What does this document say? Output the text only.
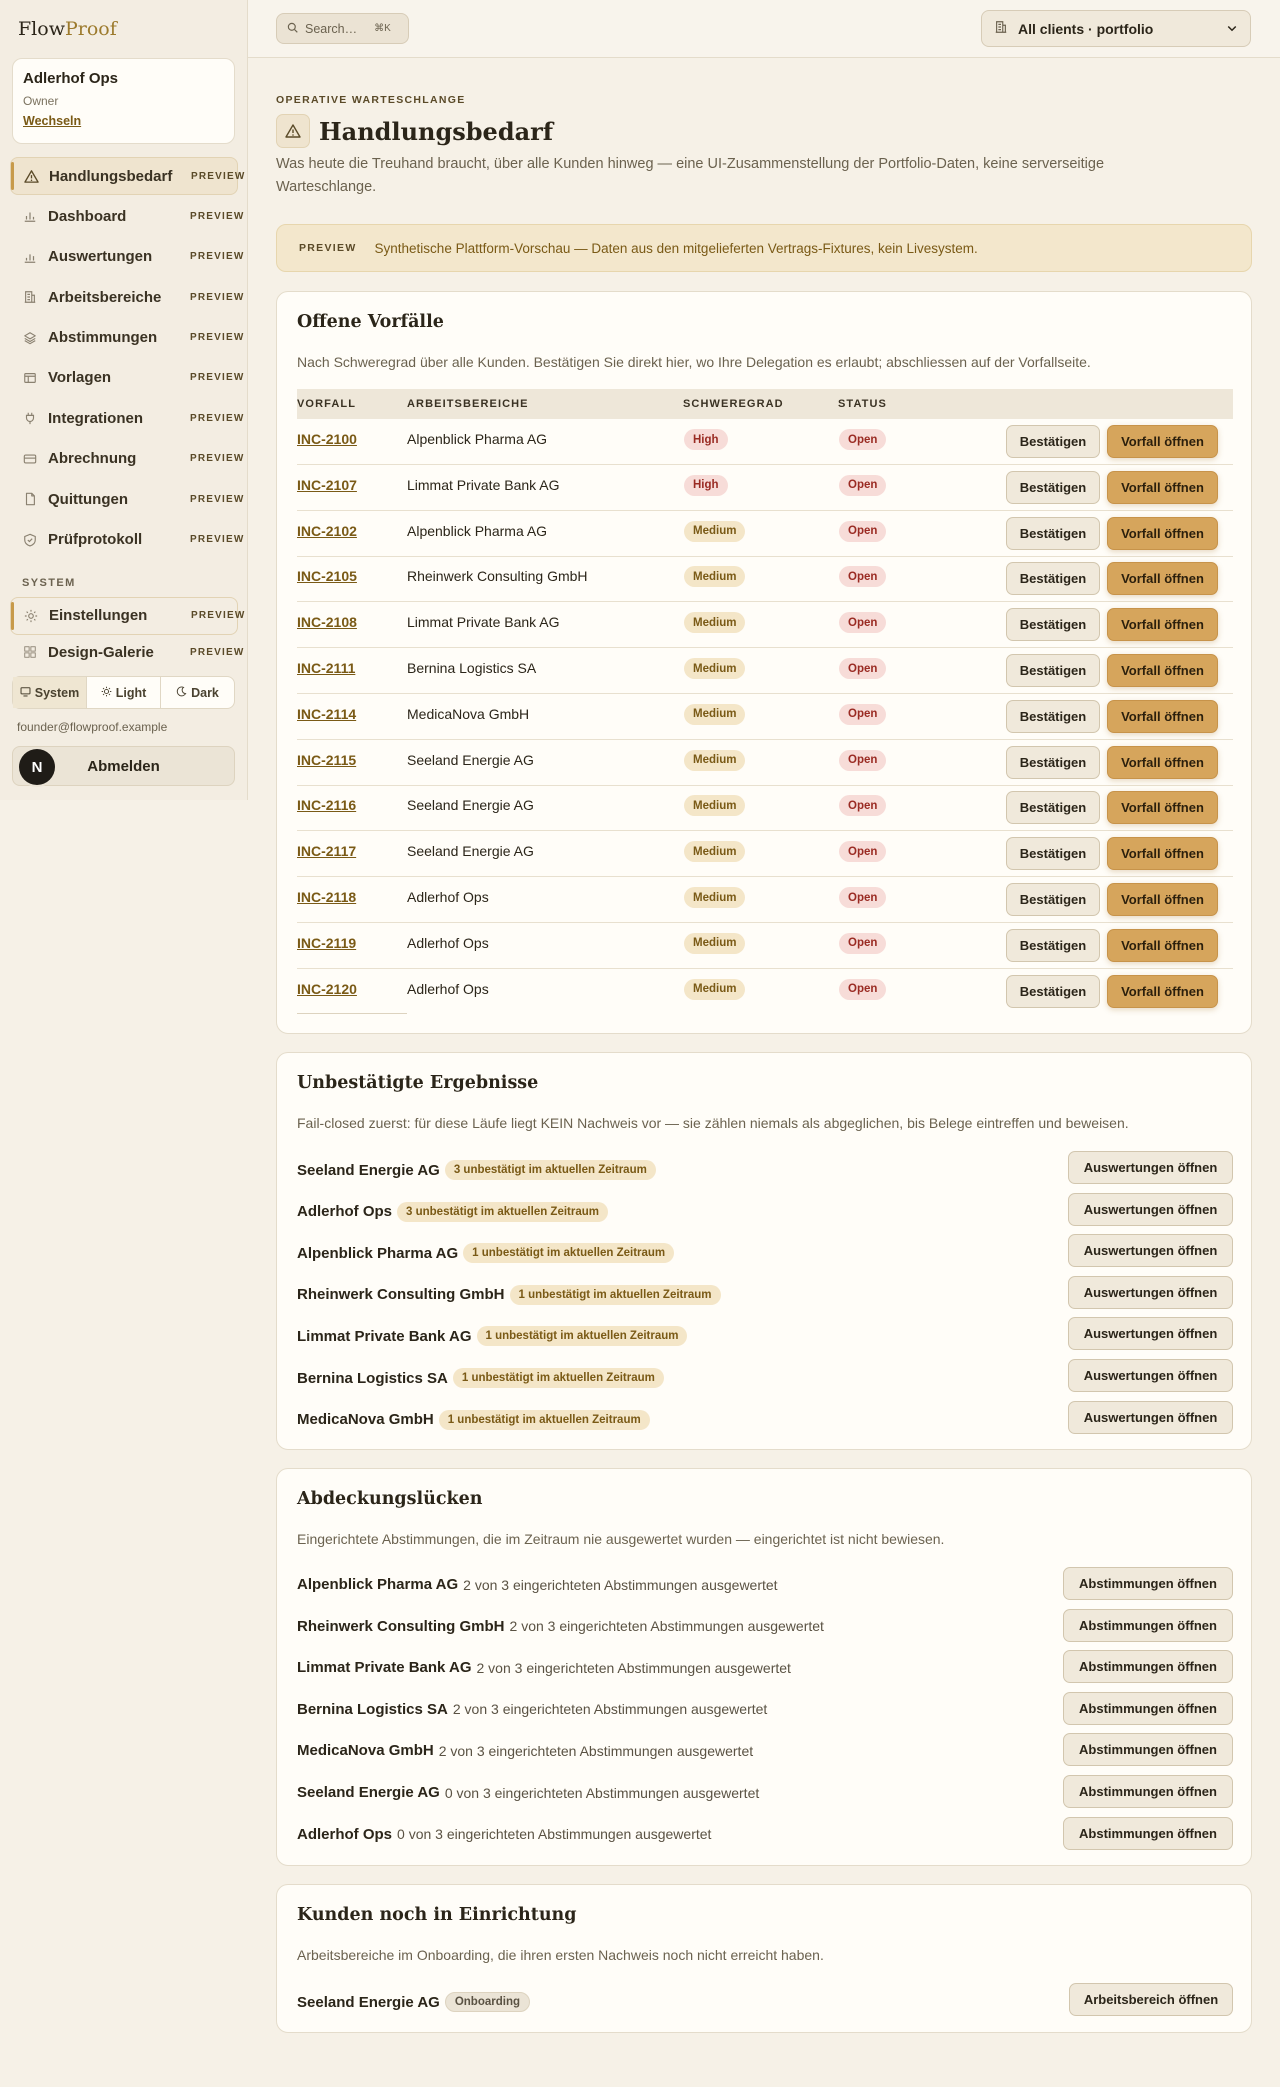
FlowProof
Adlerhof Ops
Owner
Wechseln
Handlungsbedarf PREVIEW
Dashboard	PREVIEW
Auswertungen	PREVIEW
Arbeitsbereiche	PREVIEW
Abstimmungen	PREVIEW
Vorlagen	PREVIEW
Integrationen	PREVIEW
Abrechnung	PREVIEW
Quittungen	PREVIEW
Prüfprotokoll	PREVIEW
SYSTEM
Einstellungen	PREVIEW
Design-Galerie	PREVIEW
System	Light	Dark
founder@flowproof.example
N	Abmelden
Search… ⌘K	All clients · portfolio
OPERATIVE WARTESCHLANGE
Handlungsbedarf

Was heute die Treuhand braucht, über alle Kunden hinweg — eine UI-Zusammenstellung der Portfolio-Daten, keine serverseitige Warteschlange.

PREVIEW Synthetische Plattform-Vorschau — Daten aus den mitgelieferten Vertrags-Fixtures, kein Livesystem.
Offene Vorfälle

Nach Schweregrad über alle Kunden. Bestätigen Sie direkt hier, wo Ihre Delegation es erlaubt; abschliessen auf der Vorfallseite.

VORFALL	ARBEITSBEREICHE	SCHWEREGRAD	STATUS
INC-2100	Alpenblick Pharma AG	High	Open	Bestätigen	Vorfall öffnen
INC-2107	Limmat Private Bank AG	High	Open	Bestätigen	Vorfall öffnen
INC-2102	Alpenblick Pharma AG	Medium	Open	Bestätigen	Vorfall öffnen
INC-2105	Rheinwerk Consulting GmbH	Medium	Open	Bestätigen	Vorfall öffnen
INC-2108	Limmat Private Bank AG	Medium	Open	Bestätigen	Vorfall öffnen
INC-2111	Bernina Logistics SA	Medium	Open	Bestätigen	Vorfall öffnen
INC-2114	MedicaNova GmbH	Medium	Open	Bestätigen	Vorfall öffnen
INC-2115	Seeland Energie AG	Medium	Open	Bestätigen	Vorfall öffnen
INC-2116	Seeland Energie AG	Medium	Open	Bestätigen	Vorfall öffnen
INC-2117	Seeland Energie AG	Medium	Open	Bestätigen	Vorfall öffnen
INC-2118	Adlerhof Ops	Medium	Open	Bestätigen	Vorfall öffnen
INC-2119	Adlerhof Ops	Medium	Open	Bestätigen	Vorfall öffnen
INC-2120	Adlerhof Ops	Medium	Open	Bestätigen	Vorfall öffnen
Unbestätigte Ergebnisse

Fail-closed zuerst: für diese Läufe liegt KEIN Nachweis vor — sie zählen niemals als abgeglichen, bis Belege eintreffen und beweisen.

Seeland Energie AG	3 unbestätigt im aktuellen Zeitraum	Auswertungen öffnen
Adlerhof Ops	3 unbestätigt im aktuellen Zeitraum	Auswertungen öffnen
Alpenblick Pharma AG	1 unbestätigt im aktuellen Zeitraum	Auswertungen öffnen
Rheinwerk Consulting GmbH	1 unbestätigt im aktuellen Zeitraum	Auswertungen öffnen
Limmat Private Bank AG	1 unbestätigt im aktuellen Zeitraum	Auswertungen öffnen
Bernina Logistics SA	1 unbestätigt im aktuellen Zeitraum	Auswertungen öffnen
MedicaNova GmbH	1 unbestätigt im aktuellen Zeitraum	Auswertungen öffnen
Abdeckungslücken

Eingerichtete Abstimmungen, die im Zeitraum nie ausgewertet wurden — eingerichtet ist nicht bewiesen.

Alpenblick Pharma AG 2 von 3 eingerichteten Abstimmungen ausgewertet	Abstimmungen öffnen
Rheinwerk Consulting GmbH 2 von 3 eingerichteten Abstimmungen ausgewertet	Abstimmungen öffnen
Limmat Private Bank AG 2 von 3 eingerichteten Abstimmungen ausgewertet	Abstimmungen öffnen
Bernina Logistics SA 2 von 3 eingerichteten Abstimmungen ausgewertet	Abstimmungen öffnen
MedicaNova GmbH 2 von 3 eingerichteten Abstimmungen ausgewertet	Abstimmungen öffnen
Seeland Energie AG 0 von 3 eingerichteten Abstimmungen ausgewertet	Abstimmungen öffnen
Adlerhof Ops 0 von 3 eingerichteten Abstimmungen ausgewertet	Abstimmungen öffnen
Kunden noch in Einrichtung

Arbeitsbereiche im Onboarding, die ihren ersten Nachweis noch nicht erreicht haben.

Seeland Energie AG	Onboarding	Arbeitsbereich öffnen
